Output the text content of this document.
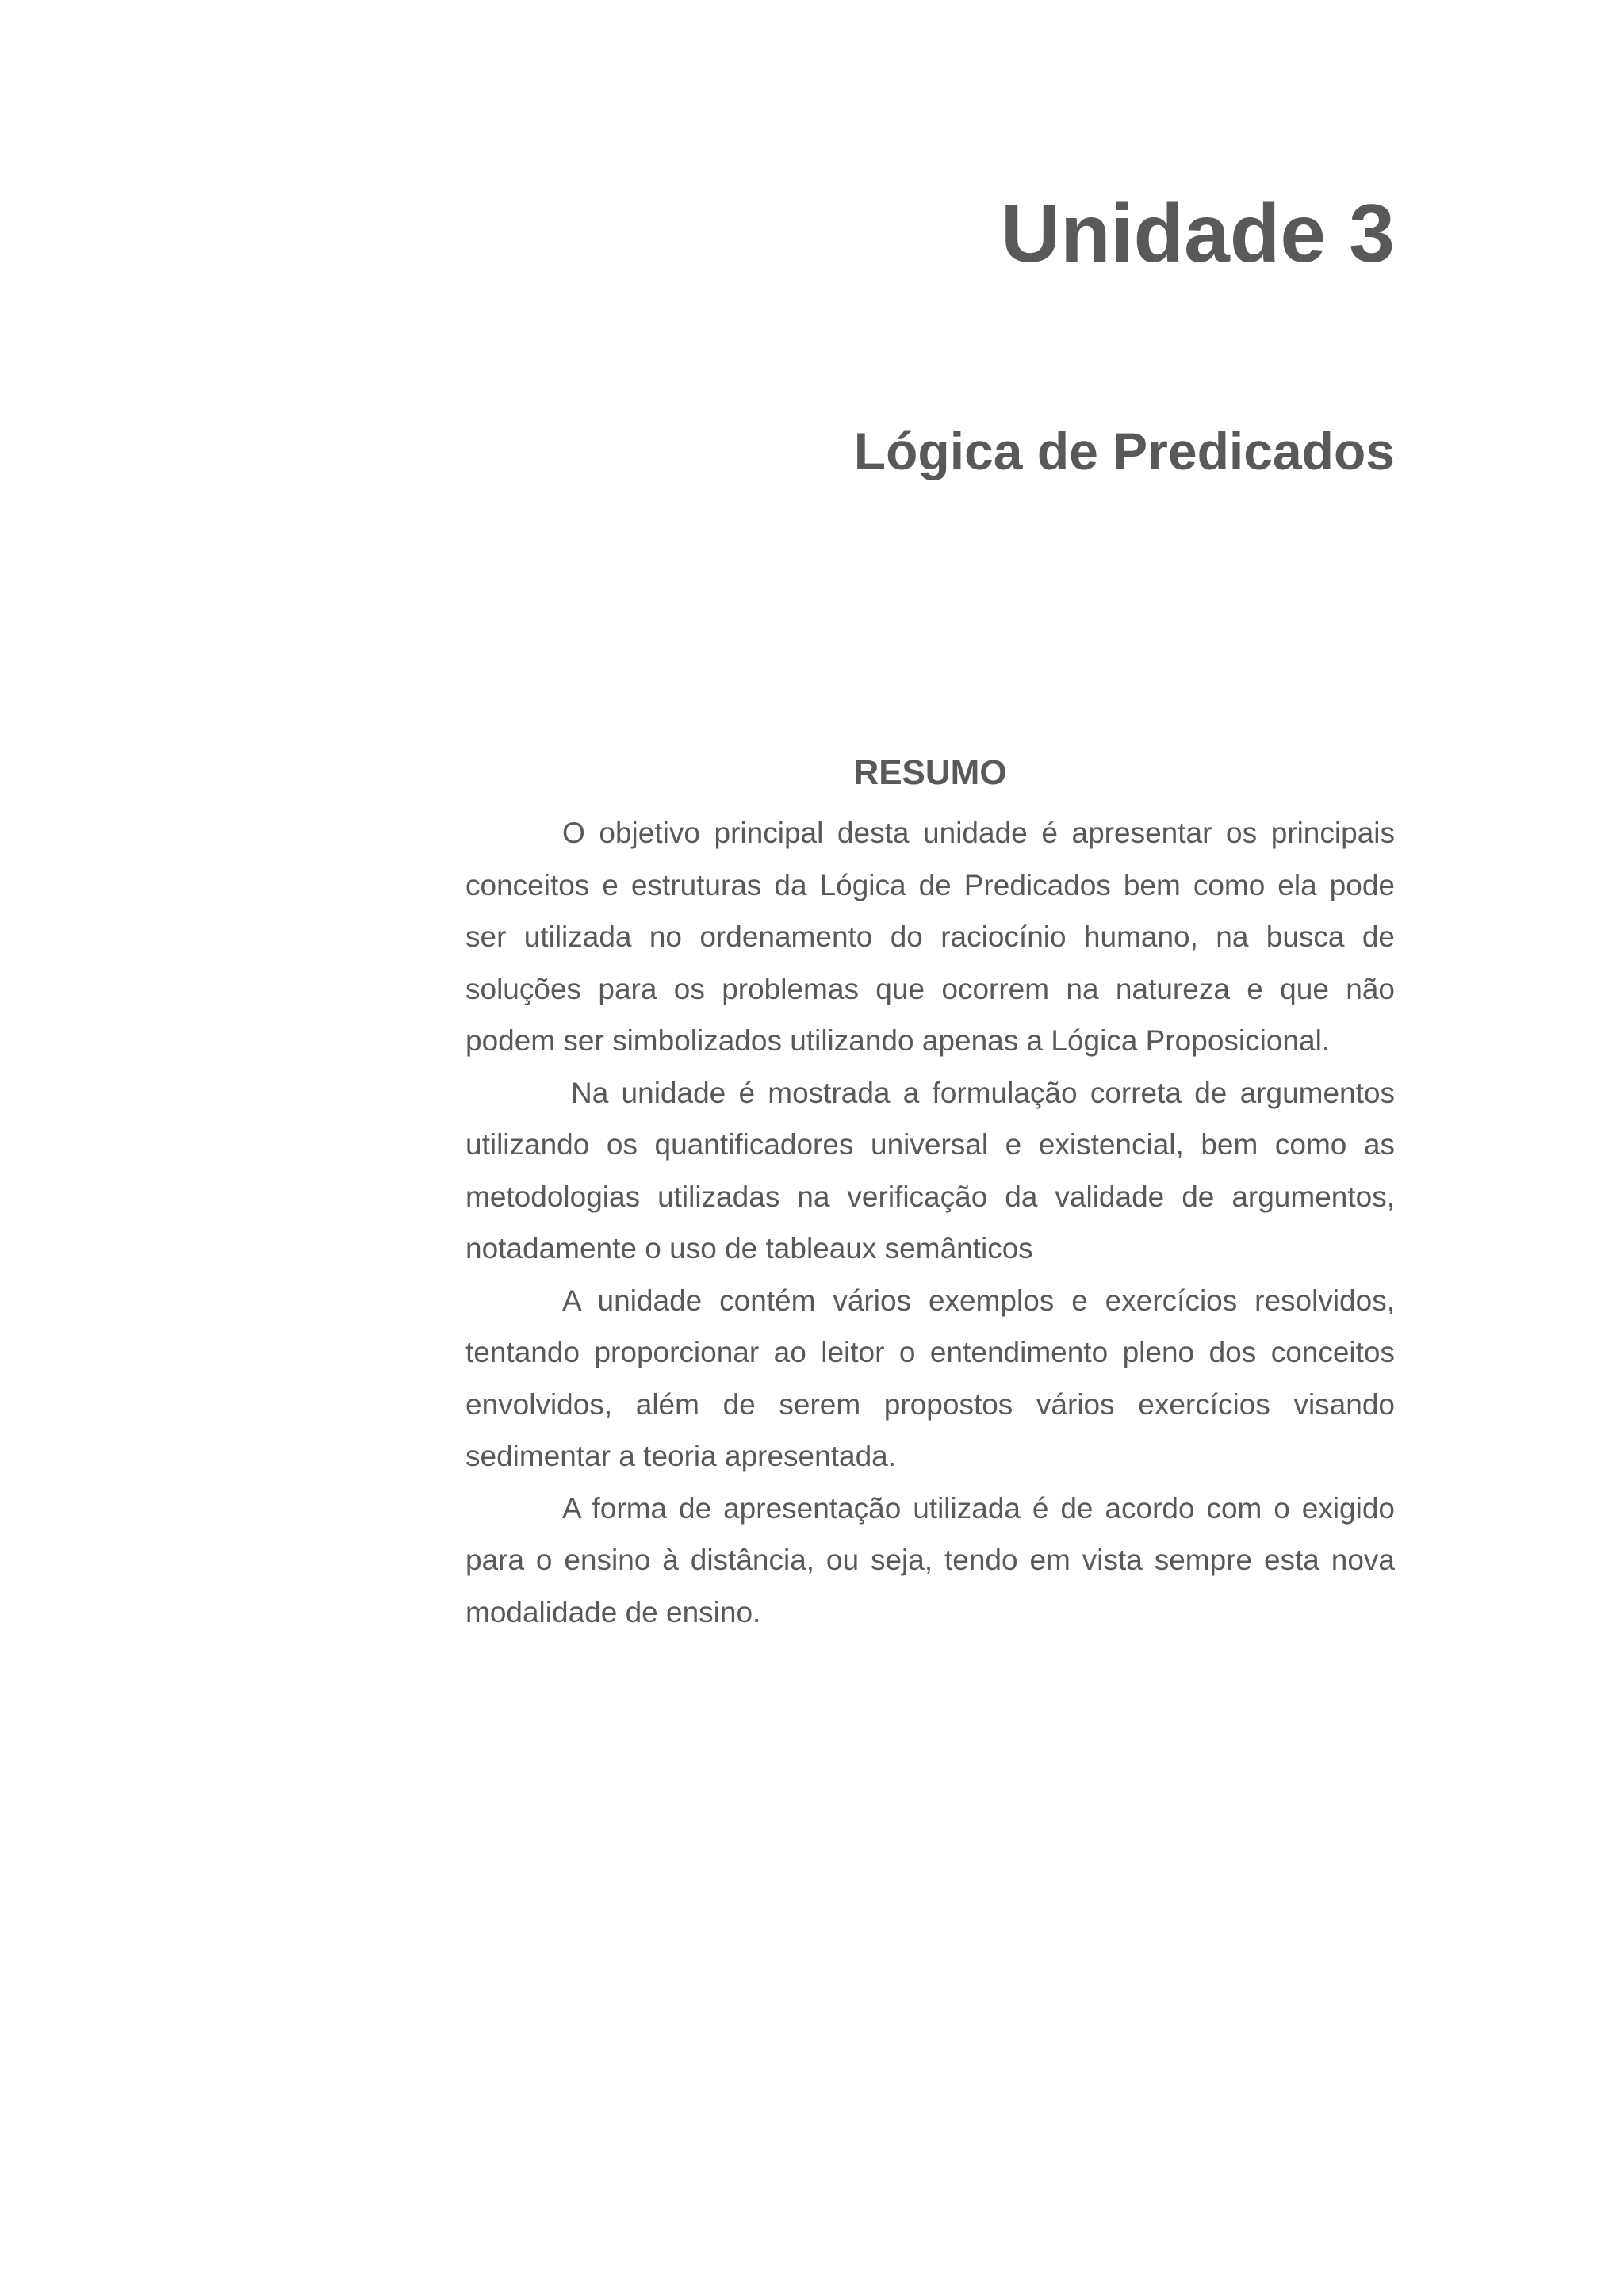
Unidade 3
Lógica de Predicados
RESUMO

O objetivo principal desta unidade é apresentar os principais conceitos e estruturas da Lógica de Predicados bem como ela pode ser utilizada no ordenamento do raciocínio humano, na busca de soluções para os problemas que ocorrem na natureza e que não podem ser simbolizados utilizando apenas a Lógica Proposicional.

Na unidade é mostrada a formulação correta de argumentos utilizando os quantificadores universal e existencial, bem como as metodologias utilizadas na verificação da validade de argumentos, notadamente o uso de tableaux semânticos

A unidade contém vários exemplos e exercícios resolvidos, tentando proporcionar ao leitor o entendimento pleno dos conceitos envolvidos, além de serem propostos vários exercícios visando sedimentar a teoria apresentada.

A forma de apresentação utilizada é de acordo com o exigido para o ensino à distância, ou seja, tendo em vista sempre esta nova modalidade de ensino.
